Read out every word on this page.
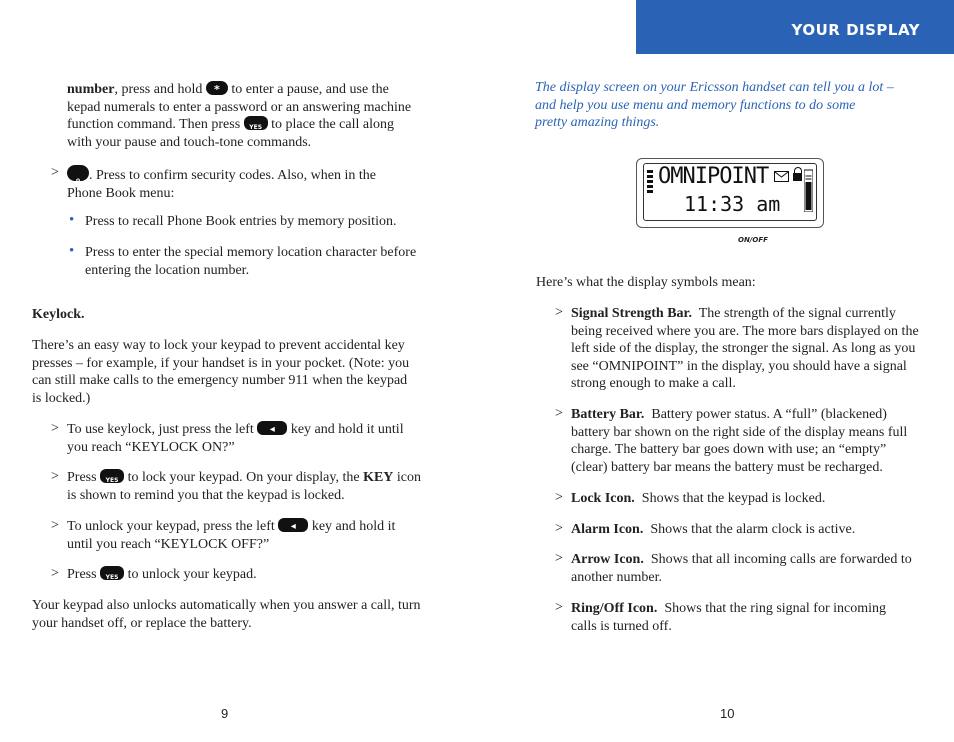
YOUR DISPLAY
number, press and hold	* to enter a pause, and use the
kepad numerals to enter a password or an answering machine
function command. Then press	YES to place the call along
with your pause and touch-tone commands.
>
o . Press to confirm security codes. Also, when in the
Phone Book menu:
• Press to recall Phone Book entries by memory position.
• Press to enter the special memory location character before
entering the location number.
Keylock.
There’s an easy way to lock your keypad to prevent accidental key
presses – for example, if your handset is in your pocket. (Note: you
can still make calls to the emergency number 911 when the keypad
is locked.)
> To use keylock, just press the left	◂	key and hold it until
you reach “KEYLOCK ON?”
> Press	YES to lock your keypad. On your display, the KEY icon
is shown to remind you that the keypad is locked.
> To unlock your keypad, press the left	◂	key and hold it
until you reach “KEYLOCK OFF?”
> Press	YES to unlock your keypad.
Your keypad also unlocks automatically when you answer a call, turn
your handset off, or replace the battery.
9
The display screen on your Ericsson handset can tell you a lot –
and help you use menu and memory functions to do some
pretty amazing things.
OMNIPOINT
11:33 am
ON/OFF
Here’s what the display symbols mean:
> Signal Strength Bar. The strength of the signal currently
being received where you are. The more bars displayed on the
left side of the display, the stronger the signal. As long as you
see “OMNIPOINT” in the display, you should have a signal
strong enough to make a call.
> Battery Bar. Battery power status. A “full” (blackened)
battery bar shown on the right side of the display means full
charge. The battery bar goes down with use; an “empty”
(clear) battery bar means the battery must be recharged.
> Lock Icon. Shows that the keypad is locked.
> Alarm Icon. Shows that the alarm clock is active.
> Arrow Icon. Shows that all incoming calls are forwarded to
another number.
> Ring/Off Icon. Shows that the ring signal for incoming
calls is turned off.
10
